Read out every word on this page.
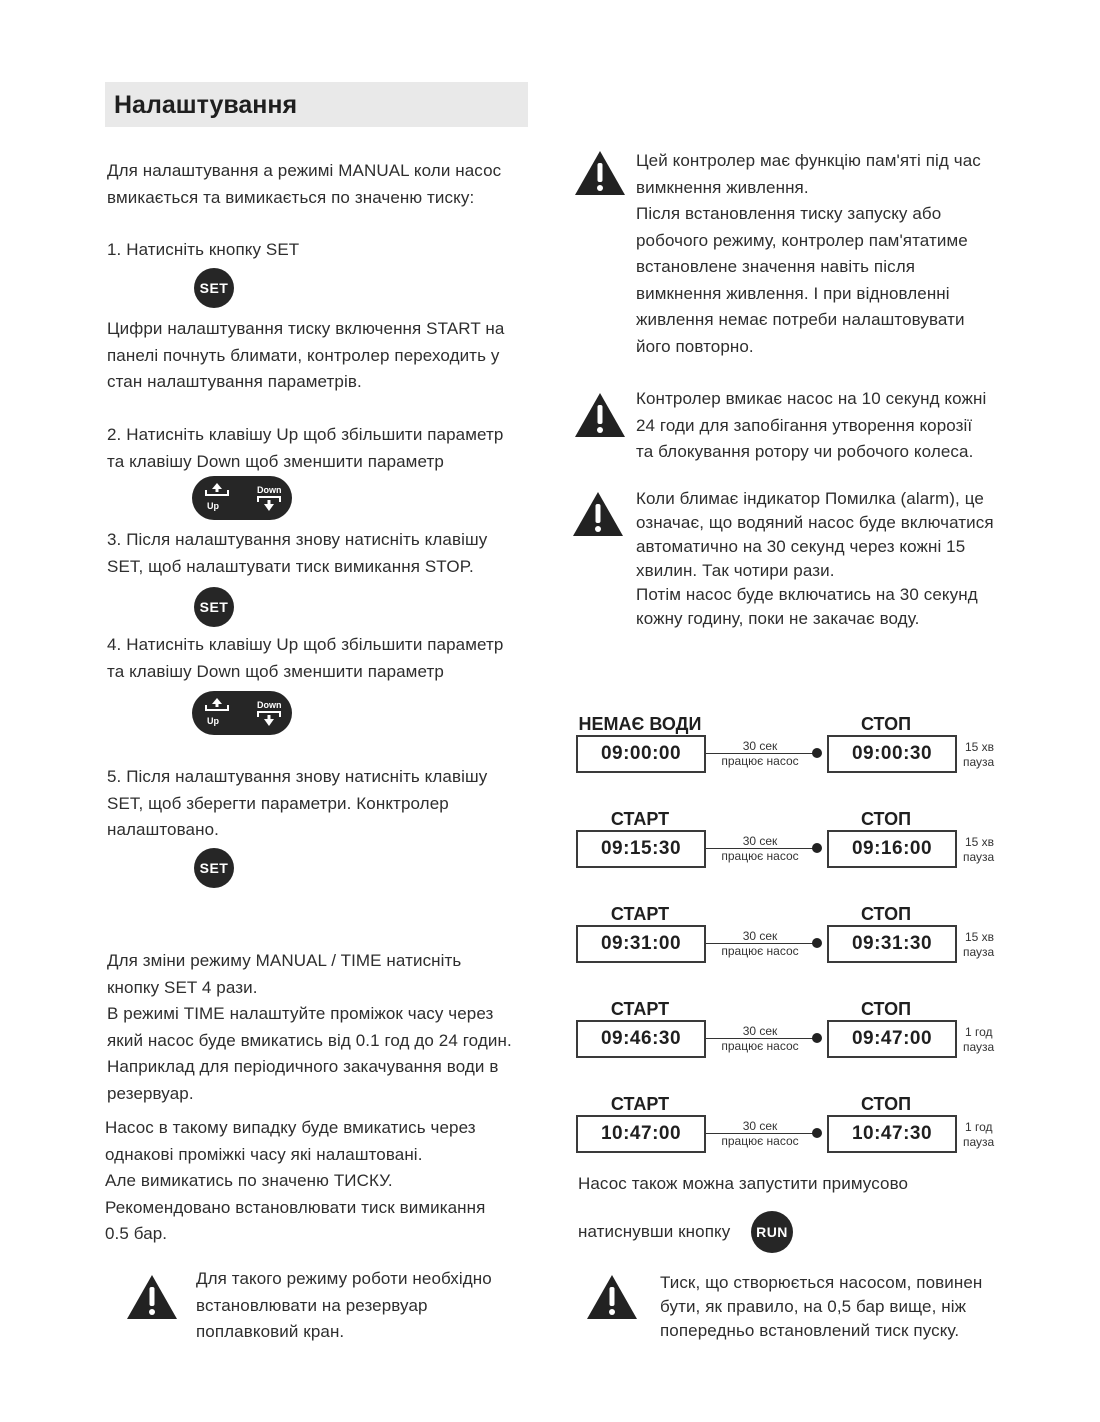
Налаштування
Для налаштування а режимі MANUAL коли насос
вмикається та вимикається по значеню тиску:
1. Натисніть кнопку SET
SET
Цифри налаштування тиску включення START на
панелі почнуть блимати, контролер переходить у
стан налаштування параметрів.
2. Натисніть клавішу Up щоб збільшити параметр
та клавішу Down щоб зменшити параметр
Up
Down
3. Після налаштування знову натисніть клавішу
SET, щоб налаштувати тиск вимикання STOP.
SET
4. Натисніть клавішу Up щоб збільшити параметр
та клавішу Down щоб зменшити параметр
Up
Down
5. Після налаштування знову натисніть клавішу
SET, щоб зберегти параметри. Конктролер
налаштовано.
SET
Для зміни режиму MANUAL / TIME натисніть
кнопку SET 4 рази.
В режимі TIME налаштуйте проміжок часу через
який насос буде вмикатись від 0.1 год до 24 годин.
Наприклад для періодичного закачування води в
резервуар.
Насос в такому випадку буде вмикатись через
однакові проміжкі часу які налаштовані.
Але вимикатись по значеню ТИСКУ.
Рекомендовано встановлювати тиск вимикання
0.5 бар.
Для такого режиму роботи необхідно
встановлювати на резервуар
поплавковий кран.
Цей контролер має функцію пам'яті під час
вимкнення живлення.
Після встановлення тиску запуску або
робочого режиму, контролер пам'ятатиме
встановлене значення навіть після
вимкнення живлення. І при відновленні
живлення немає потреби налаштовувати
його повторно.
Контролер вмикає насос на 10 секунд кожні
24 годи для запобігання утворення корозії
та блокування ротору чи робочого колеса.
Коли блимає індикатор Помилка (alarm), це
означає, що водяний насос буде включатися
автоматично на 30 секунд через кожні 15
хвилин. Так чотири рази.
Потім насос буде включатись на 30 секунд
кожну годину, поки не закачає воду.
НЕМАЄ ВОДИ
09:00:00	30 сек
працює насос
СТОП
09:00:30	15 хв
пауза
СТАРТ
09:15:30	30 сек
працює насос
СТОП
09:16:00	15 хв
пауза
СТАРТ
09:31:00	30 сек
працює насос
СТОП
09:31:30	15 хв
пауза
СТАРТ
09:46:30	30 сек
працює насос
СТОП
09:47:00	1 год
пауза
СТАРТ
10:47:00	30 сек
працює насос
СТОП
10:47:30	1 год
пауза
Насос також можна запустити примусово
натиснувши кнопку RUN
Тиск, що створюється насосом, повинен
бути, як правило, на 0,5 бар вище, ніж
попередньо встановлений тиск пуску.
